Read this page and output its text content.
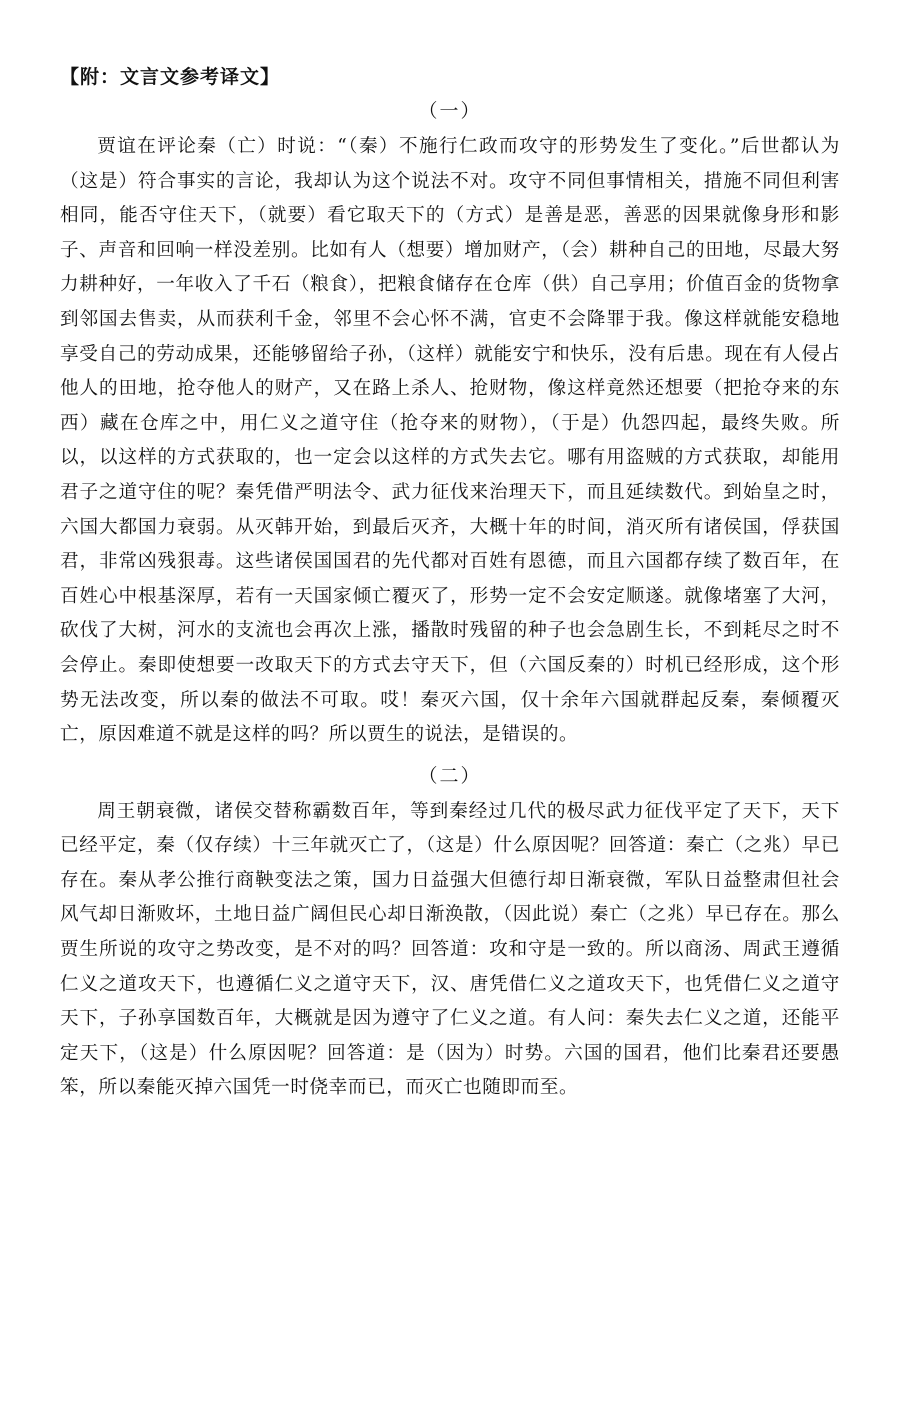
【附：文言文参考译文】
（一）

贾谊在评论秦（亡）时说：“（秦）不施行仁政而攻守的形势发生了变化。”后世都认为（这是）符合事实的言论，我却认为这个说法不对。攻守不同但事情相关，措施不同但利害相同，能否守住天下，（就要）看它取天下的（方式）是善是恶，善恶的因果就像身形和影子、声音和回响一样没差别。比如有人（想要）增加财产，（会）耕种自己的田地，尽最大努力耕种好，一年收入了千石（粮食），把粮食储存在仓库（供）自己享用；价值百金的货物拿到邻国去售卖，从而获利千金，邻里不会心怀不满，官吏不会降罪于我。像这样就能安稳地享受自己的劳动成果，还能够留给子孙，（这样）就能安宁和快乐，没有后患。现在有人侵占他人的田地，抢夺他人的财产，又在路上杀人、抢财物，像这样竟然还想要（把抢夺来的东西）藏在仓库之中，用仁义之道守住（抢夺来的财物），（于是）仇怨四起，最终失败。所以，以这样的方式获取的，也一定会以这样的方式失去它。哪有用盗贼的方式获取，却能用君子之道守住的呢？秦凭借严明法令、武力征伐来治理天下，而且延续数代。到始皇之时，六国大都国力衰弱。从灭韩开始，到最后灭齐，大概十年的时间，消灭所有诸侯国，俘获国君，非常凶残狠毒。这些诸侯国国君的先代都对百姓有恩德，而且六国都存续了数百年，在百姓心中根基深厚，若有一天国家倾亡覆灭了，形势一定不会安定顺遂。就像堵塞了大河，砍伐了大树，河水的支流也会再次上涨，播散时残留的种子也会急剧生长，不到耗尽之时不会停止。秦即使想要一改取天下的方式去守天下，但（六国反秦的）时机已经形成，这个形势无法改变，所以秦的做法不可取。哎！秦灭六国，仅十余年六国就群起反秦，秦倾覆灭亡，原因难道不就是这样的吗？所以贾生的说法，是错误的。

（二）

周王朝衰微，诸侯交替称霸数百年，等到秦经过几代的极尽武力征伐平定了天下，天下已经平定，秦（仅存续）十三年就灭亡了，（这是）什么原因呢？回答道：秦亡（之兆）早已存在。秦从孝公推行商鞅变法之策，国力日益强大但德行却日渐衰微，军队日益整肃但社会风气却日渐败坏，土地日益广阔但民心却日渐涣散，（因此说）秦亡（之兆）早已存在。那么贾生所说的攻守之势改变，是不对的吗？回答道：攻和守是一致的。所以商汤、周武王遵循仁义之道攻天下，也遵循仁义之道守天下，汉、唐凭借仁义之道攻天下，也凭借仁义之道守天下，子孙享国数百年，大概就是因为遵守了仁义之道。有人问：秦失去仁义之道，还能平定天下，（这是）什么原因呢？回答道：是（因为）时势。六国的国君，他们比秦君还要愚笨，所以秦能灭掉六国凭一时侥幸而已，而灭亡也随即而至。
